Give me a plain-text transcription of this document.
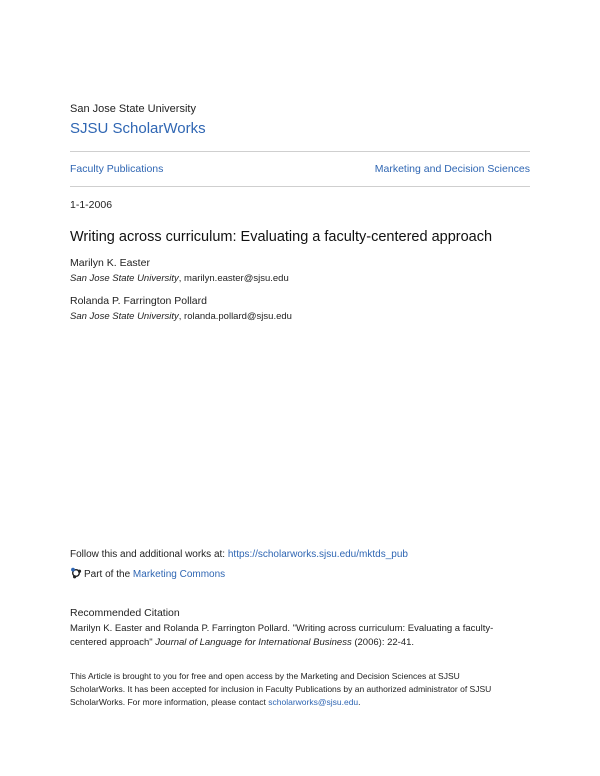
San Jose State University
SJSU ScholarWorks
Faculty Publications	Marketing and Decision Sciences
1-1-2006
Writing across curriculum: Evaluating a faculty-centered approach
Marilyn K. Easter
San Jose State University, marilyn.easter@sjsu.edu
Rolanda P. Farrington Pollard
San Jose State University, rolanda.pollard@sjsu.edu
Follow this and additional works at: https://scholarworks.sjsu.edu/mktds_pub
Part of the Marketing Commons
Recommended Citation
Marilyn K. Easter and Rolanda P. Farrington Pollard. "Writing across curriculum: Evaluating a faculty-
centered approach" Journal of Language for International Business (2006): 22-41.
This Article is brought to you for free and open access by the Marketing and Decision Sciences at SJSU
ScholarWorks. It has been accepted for inclusion in Faculty Publications by an authorized administrator of SJSU
ScholarWorks. For more information, please contact scholarworks@sjsu.edu.
